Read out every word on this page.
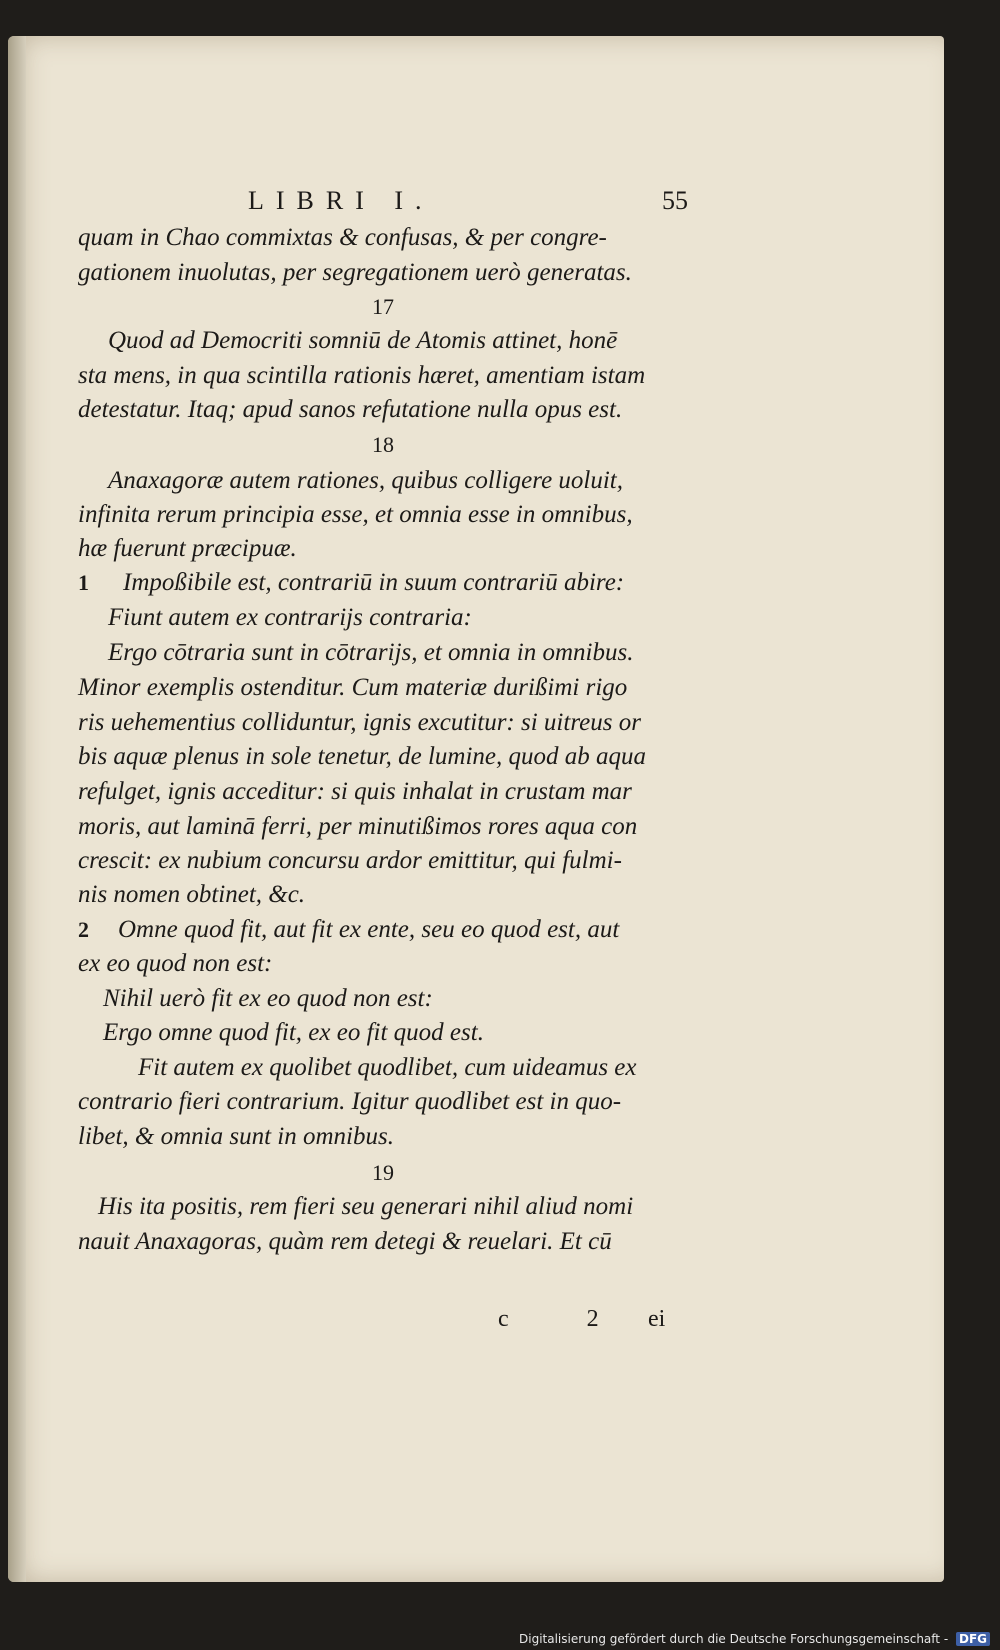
LIBRI I.	55
quam in Chao commixtas & confusas, & per congre-
gationem inuolutas, per segregationem uerò generatas.
17
Quod ad Democriti somniū de Atomis attinet, honē
sta mens, in qua scintilla rationis hæret, amentiam istam
detestatur. Itaq; apud sanos refutatione nulla opus est.
18
Anaxagoræ autem rationes, quibus colligere uoluit,
infinita rerum principia esse, et omnia esse in omnibus,
hæ fuerunt præcipuæ.
1 Impoßibile est, contrariū in suum contrariū abire:
Fiunt autem ex contrarijs contraria:
Ergo cōtraria sunt in cōtrarijs, et omnia in omnibus.
Minor exemplis ostenditur. Cum materiæ durißimi rigo
ris uehementius colliduntur, ignis excutitur: si uitreus or
bis aquæ plenus in sole tenetur, de lumine, quod ab aqua
refulget, ignis acceditur: si quis inhalat in crustam mar
moris, aut laminā ferri, per minutißimos rores aqua con
crescit: ex nubium concursu ardor emittitur, qui fulmi-
nis nomen obtinet, &c.
2 Omne quod fit, aut fit ex ente, seu eo quod est, aut
ex eo quod non est:
Nihil uerò fit ex eo quod non est:
Ergo omne quod fit, ex eo fit quod est.
Fit autem ex quolibet quodlibet, cum uideamus ex
contrario fieri contrarium. Igitur quodlibet est in quo-
libet, & omnia sunt in omnibus.
19
His ita positis, rem fieri seu generari nihil aliud nomi
nauit Anaxagoras, quàm rem detegi & reuelari. Et cū
c 2 ei
Digitalisierung gefördert durch die Deutsche Forschungsgemeinschaft - DFG
